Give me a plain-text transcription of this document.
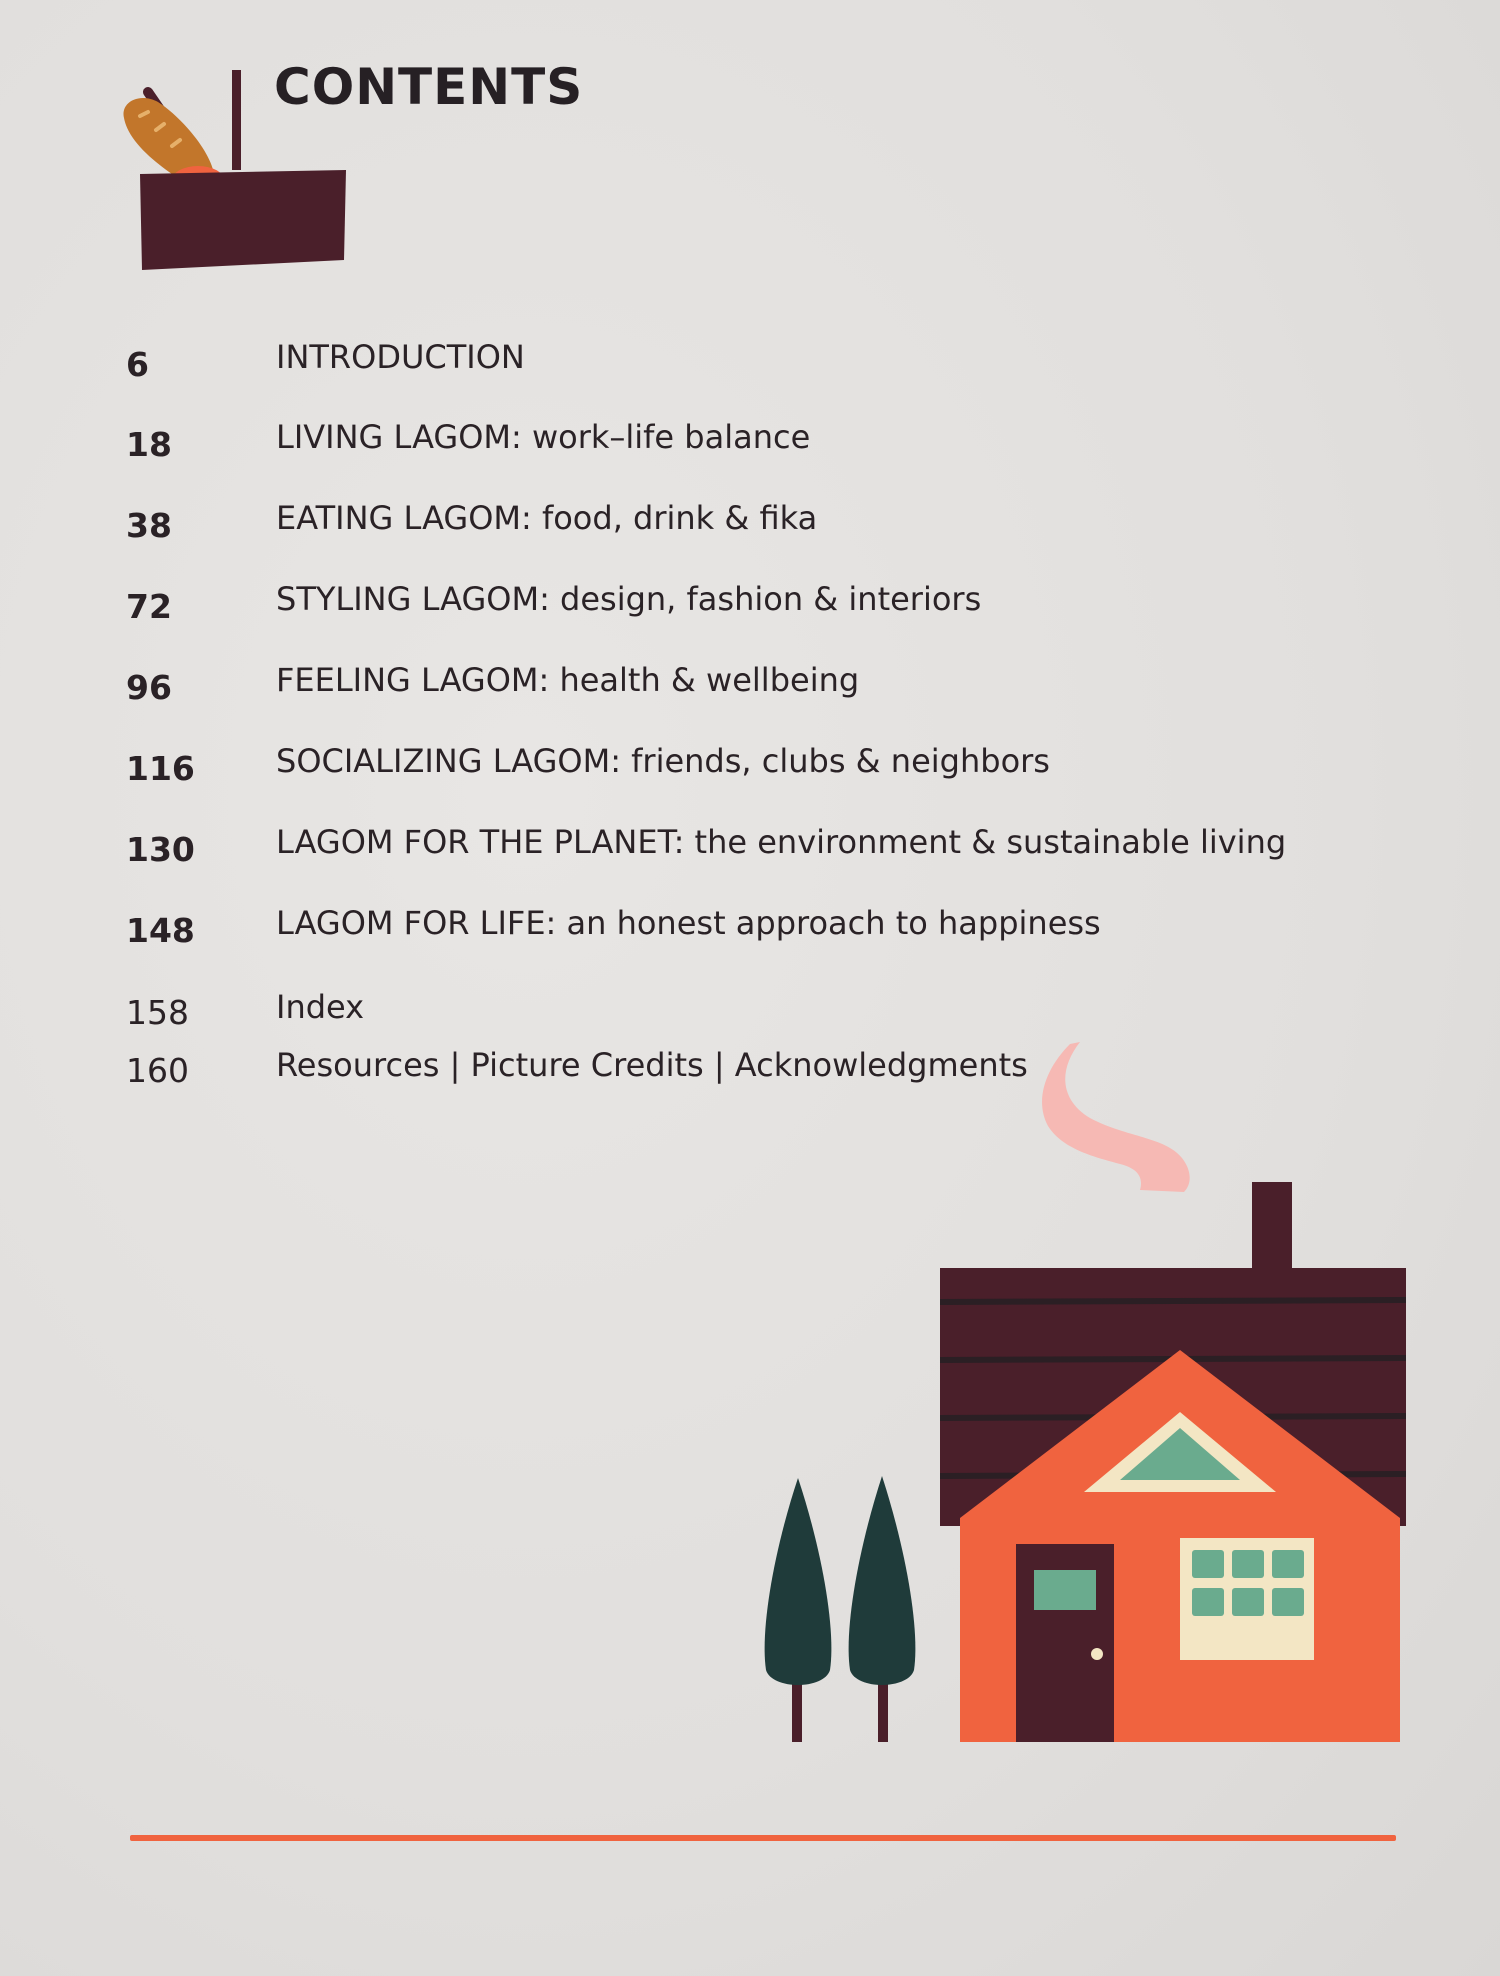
CONTENTS
6	INTRODUCTION
18	LIVING LAGOM: work–life balance
38	EATING LAGOM: food, drink & fika
72	STYLING LAGOM: design, fashion & interiors
96	FEELING LAGOM: health & wellbeing
116	SOCIALIZING LAGOM: friends, clubs & neighbors
130	LAGOM FOR THE PLANET: the environment & sustainable living
148	LAGOM FOR LIFE: an honest approach to happiness
158	Index
160	Resources | Picture Credits | Acknowledgments
